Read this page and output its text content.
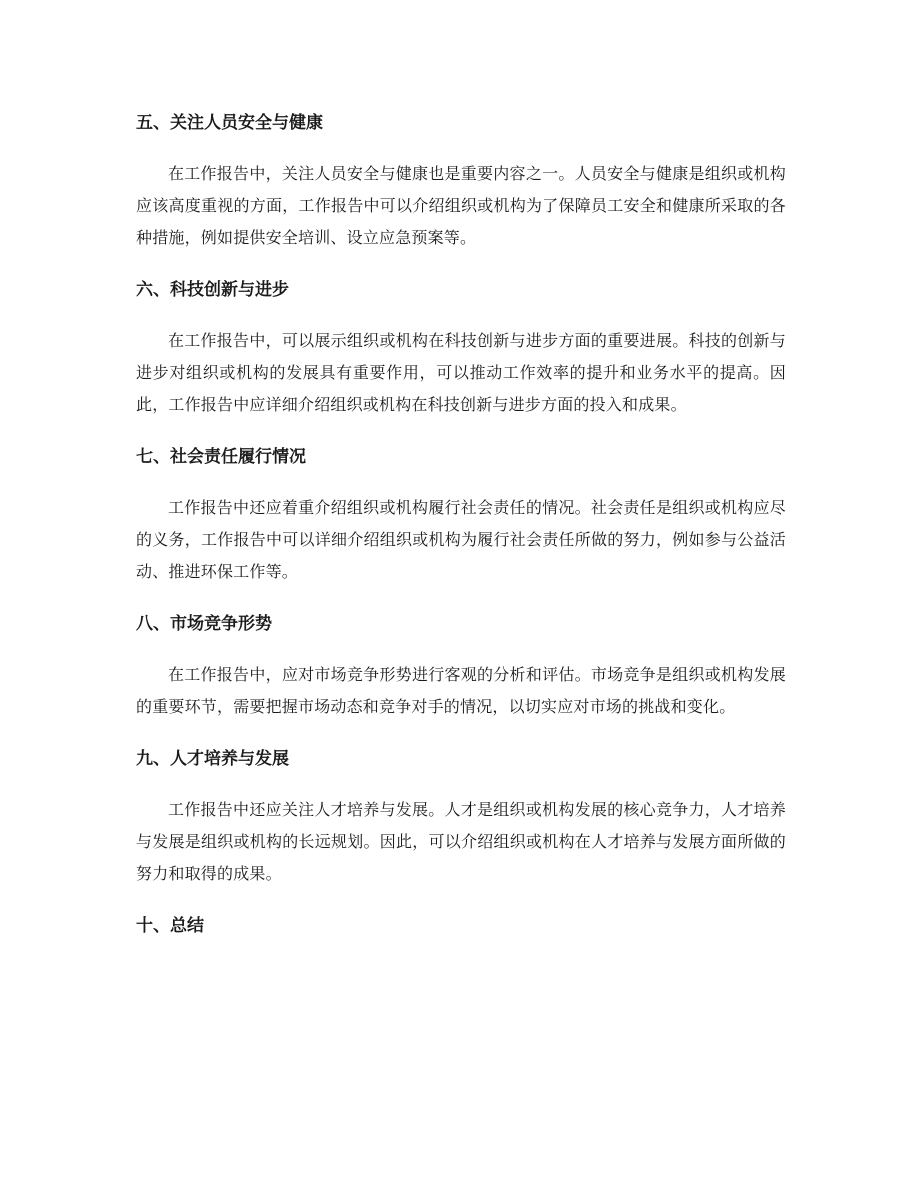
五、关注人员安全与健康

在工作报告中，关注人员安全与健康也是重要内容之一。人员安全与健康是组织或机构应该高度重视的方面，工作报告中可以介绍组织或机构为了保障员工安全和健康所采取的各种措施，例如提供安全培训、设立应急预案等。

六、科技创新与进步

在工作报告中，可以展示组织或机构在科技创新与进步方面的重要进展。科技的创新与进步对组织或机构的发展具有重要作用，可以推动工作效率的提升和业务水平的提高。因此，工作报告中应详细介绍组织或机构在科技创新与进步方面的投入和成果。

七、社会责任履行情况

工作报告中还应着重介绍组织或机构履行社会责任的情况。社会责任是组织或机构应尽的义务，工作报告中可以详细介绍组织或机构为履行社会责任所做的努力，例如参与公益活动、推进环保工作等。

八、市场竞争形势

在工作报告中，应对市场竞争形势进行客观的分析和评估。市场竞争是组织或机构发展的重要环节，需要把握市场动态和竞争对手的情况，以切实应对市场的挑战和变化。

九、人才培养与发展

工作报告中还应关注人才培养与发展。人才是组织或机构发展的核心竞争力，人才培养与发展是组织或机构的长远规划。因此，可以介绍组织或机构在人才培养与发展方面所做的努力和取得的成果。

十、总结
